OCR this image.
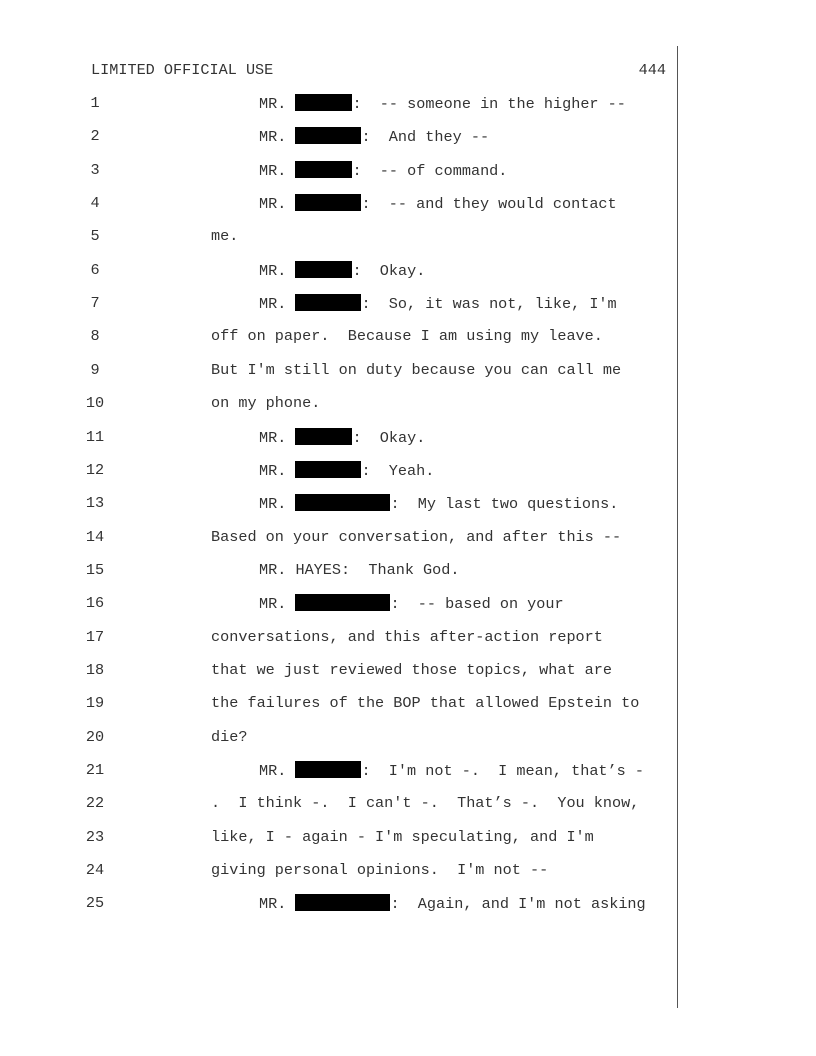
LIMITED OFFICIAL USE	444
1	MR.	:  -- someone in the higher --
2	MR.	:  And they --
3	MR.	:  -- of command.
4	MR.	:  -- and they would contact
5	me.
6	MR.	:  Okay.
7	MR.	:  So, it was not, like, I'm
8	off on paper.  Because I am using my leave.
9	But I'm still on duty because you can call me
10	on my phone.
11	MR.	:  Okay.
12	MR.	:  Yeah.
13	MR.	:  My last two questions.
14	Based on your conversation, and after this --
15	MR. HAYES:  Thank God.
16	MR.	:  -- based on your
17	conversations, and this after-action report
18	that we just reviewed those topics, what are
19	the failures of the BOP that allowed Epstein to
20	die?
21	MR.	:  I'm not -.  I mean, that’s -
22	.  I think -.  I can't -.  That’s -.  You know,
23	like, I - again - I'm speculating, and I'm
24	giving personal opinions.  I'm not --
25	MR.	:  Again, and I'm not asking
